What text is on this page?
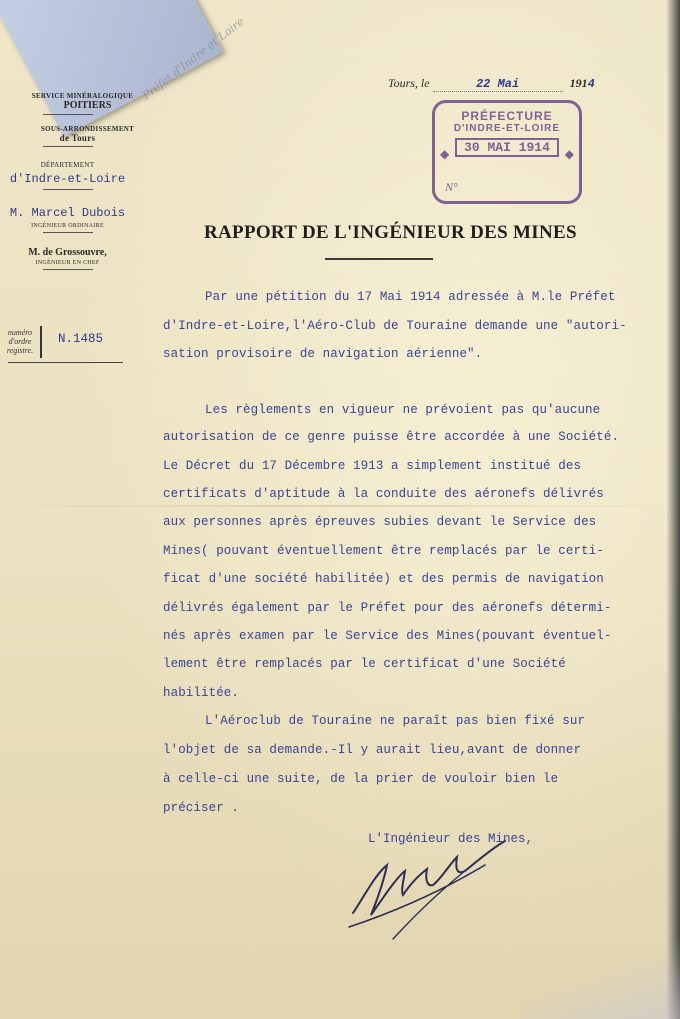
Préfet d'Indre et Loire
SERVICE MINÉRALOGIQUE
POITIERS
SOUS-ARRONDISSEMENT
de Tours
DÉPARTEMENT
d'Indre-et-Loire
M. Marcel Dubois
INGÉNIEUR ORDINAIRE
M. de Grossouvre,
INGÉNIEUR EN CHEF
numéro
d'ordre
registre.
N.1485
Tours, le	22 Mai	1914
PRÉFECTURE
D'INDRE-ET-LOIRE
30 MAI 1914
◆	◆
N°
RAPPORT DE L'INGÉNIEUR DES MINES
Par une pétition du 17 Mai 1914 adressée à M.le Préfet
d'Indre-et-Loire,l'Aéro-Club de Touraine demande une "autori-
sation provisoire de navigation aérienne".
Les règlements en vigueur ne prévoient pas qu'aucune
autorisation de ce genre puisse être accordée à une Société.
Le Décret du 17 Décembre 1913 a simplement institué des
certificats d'aptitude à la conduite des aéronefs délivrés
aux personnes après épreuves subies devant le Service des
Mines( pouvant éventuellement être remplacés par le certi-
ficat d'une société habilitée) et des permis de navigation
délivrés également par le Préfet pour des aéronefs détermi-
nés après examen par le Service des Mines(pouvant éventuel-
lement être remplacés par le certificat d'une Société
habilitée.
L'Aéroclub de Touraine ne paraît pas bien fixé sur
l'objet de sa demande.-Il y aurait lieu,avant de donner
à celle-ci une suite, de la prier de vouloir bien le
préciser .
L'Ingénieur des Mines,
